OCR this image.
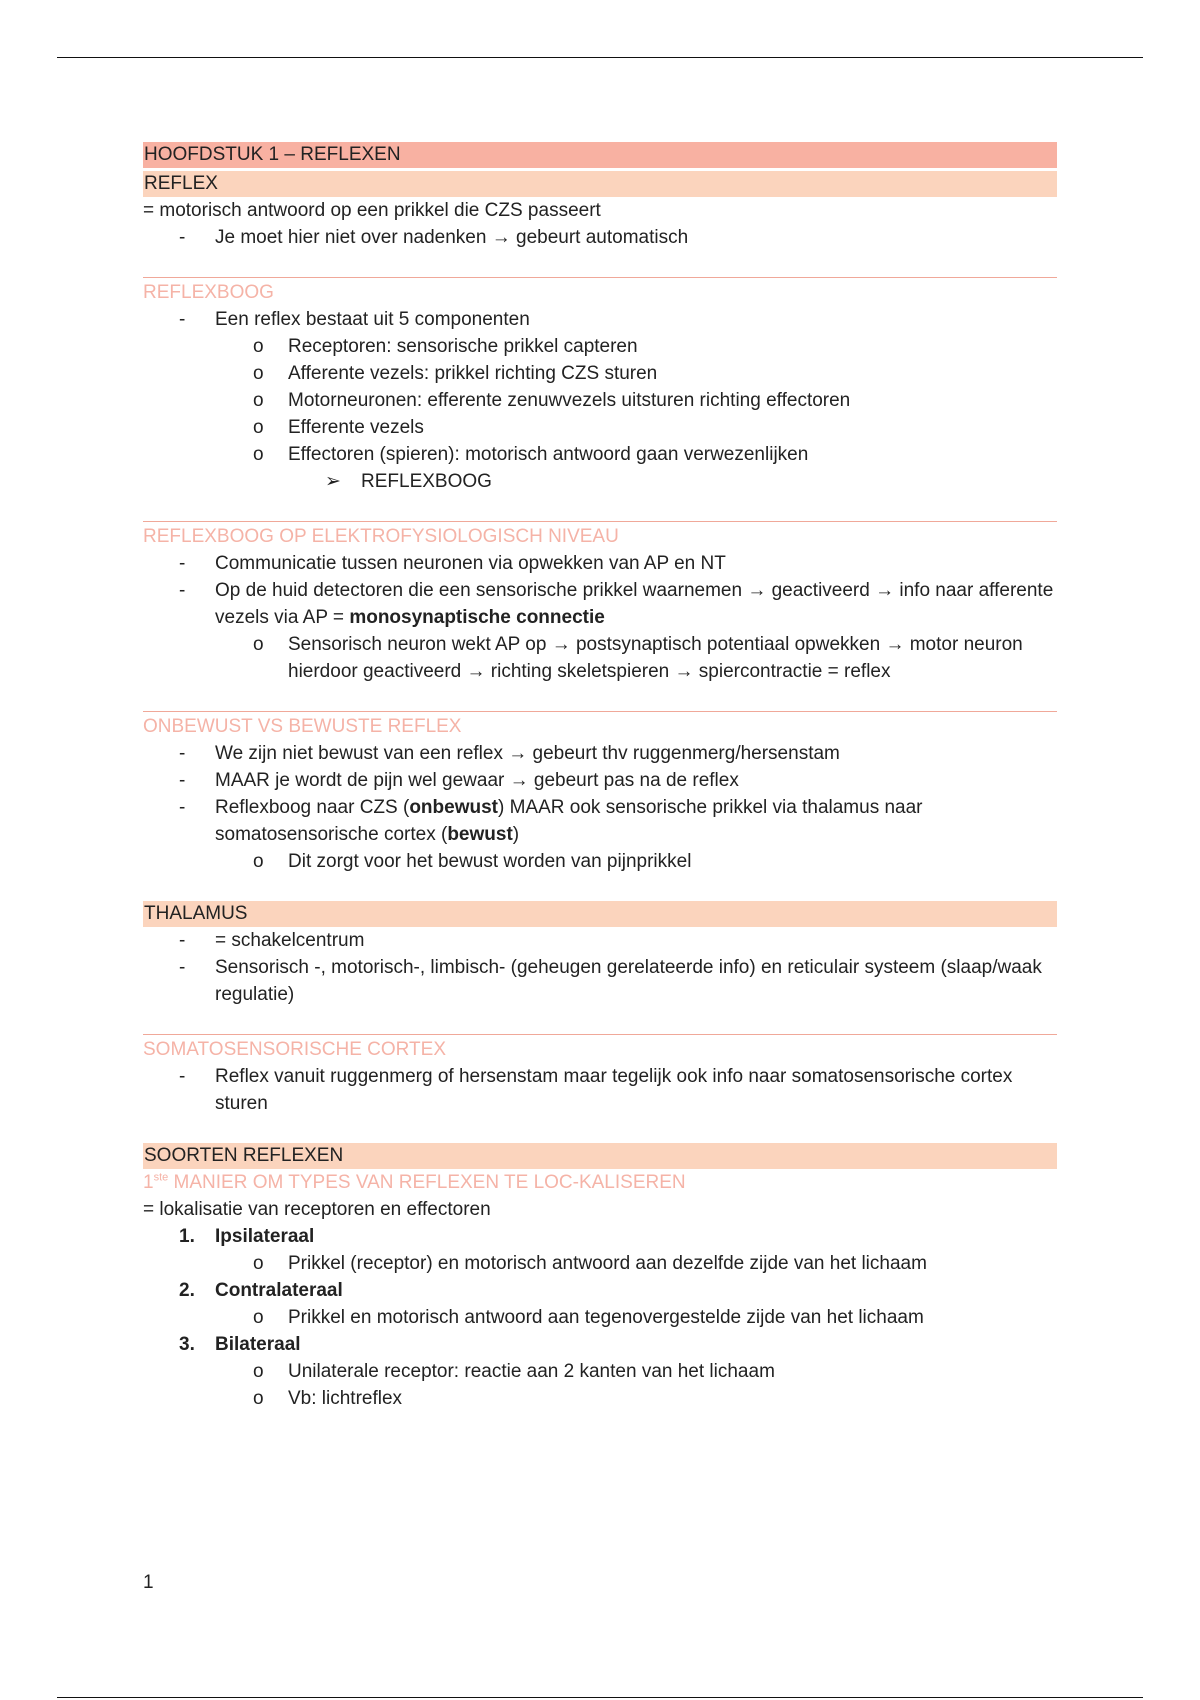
HOOFDSTUK 1 – REFLEXEN
REFLEX
= motorisch antwoord op een prikkel die CZS passeert
- Je moet hier niet over nadenken → gebeurt automatisch
REFLEXBOOG
- Een reflex bestaat uit 5 componenten
o Receptoren: sensorische prikkel capteren
o Afferente vezels: prikkel richting CZS sturen
o Motorneuronen: efferente zenuwvezels uitsturen richting effectoren
o Efferente vezels
o Effectoren (spieren): motorisch antwoord gaan verwezenlijken
➢ REFLEXBOOG
REFLEXBOOG OP ELEKTROFYSIOLOGISCH NIVEAU
- Communicatie tussen neuronen via opwekken van AP en NT
- Op de huid detectoren die een sensorische prikkel waarnemen → geactiveerd → info naar afferente vezels via AP = monosynaptische connectie
o Sensorisch neuron wekt AP op → postsynaptisch potentiaal opwekken → motor neuron hierdoor geactiveerd → richting skeletspieren → spiercontractie = reflex
ONBEWUST VS BEWUSTE REFLEX
- We zijn niet bewust van een reflex → gebeurt thv ruggenmerg/hersenstam
- MAAR je wordt de pijn wel gewaar → gebeurt pas na de reflex
- Reflexboog naar CZS (onbewust) MAAR ook sensorische prikkel via thalamus naar somatosensorische cortex (bewust)
o Dit zorgt voor het bewust worden van pijnprikkel
THALAMUS
- = schakelcentrum
- Sensorisch -, motorisch-, limbisch- (geheugen gerelateerde info) en reticulair systeem (slaap/waak regulatie)
SOMATOSENSORISCHE CORTEX
- Reflex vanuit ruggenmerg of hersenstam maar tegelijk ook info naar somatosensorische cortex sturen
SOORTEN REFLEXEN
1ste MANIER OM TYPES VAN REFLEXEN TE LOC-KALISEREN
= lokalisatie van receptoren en effectoren
1. Ipsilateraal
o Prikkel (receptor) en motorisch antwoord aan dezelfde zijde van het lichaam
2. Contralateraal
o Prikkel en motorisch antwoord aan tegenovergestelde zijde van het lichaam
3. Bilateraal
o Unilaterale receptor: reactie aan 2 kanten van het lichaam
o Vb: lichtreflex
1
